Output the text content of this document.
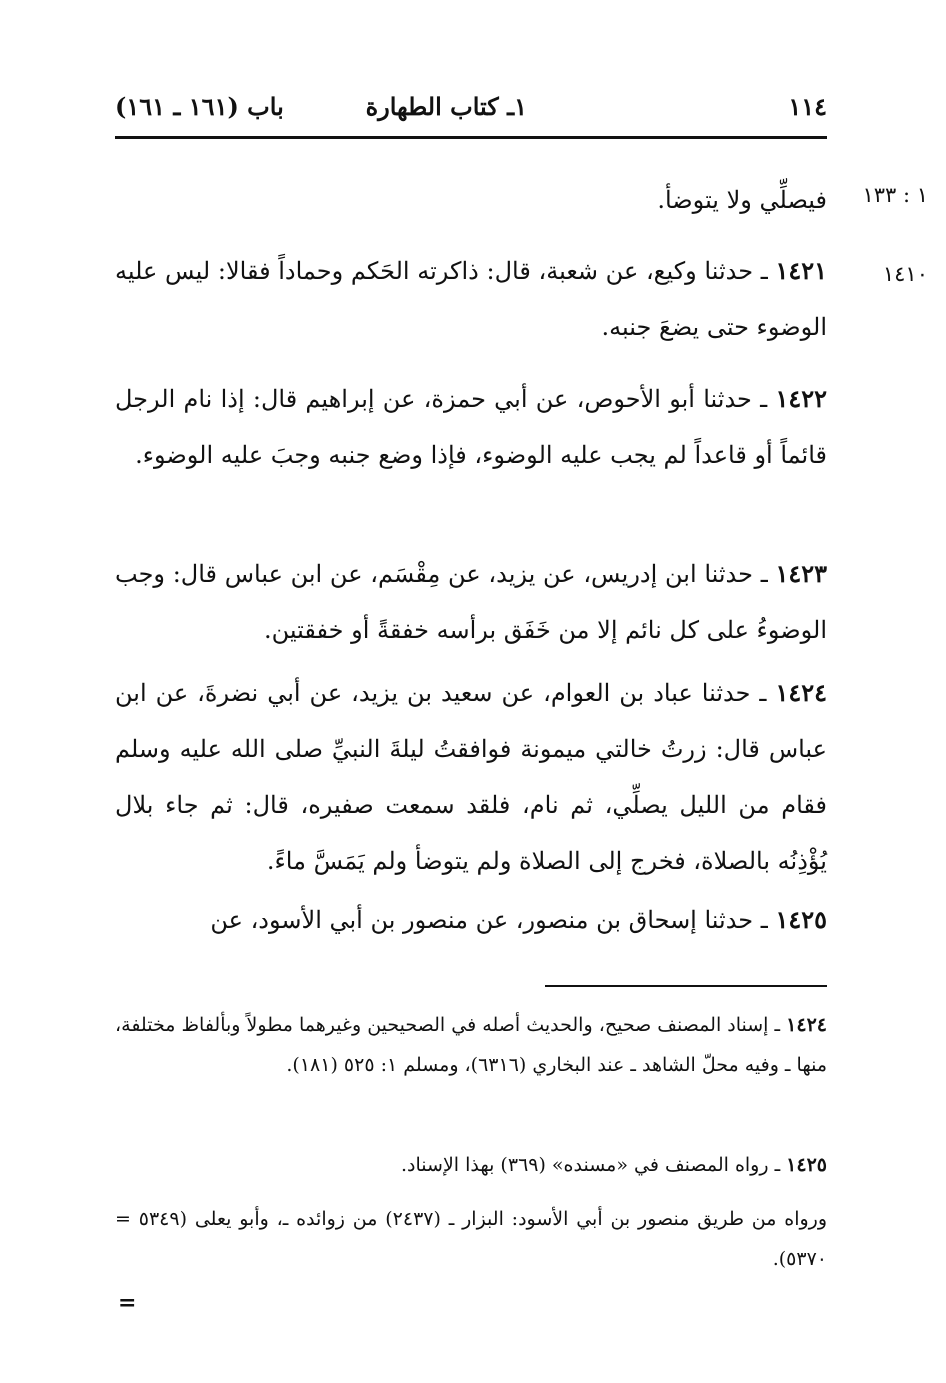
١١٤
١ـ كتاب الطهارة
باب (١٦١ ـ ١٦١)
١ : ١٣٣
١٤١٠
فيصلِّي ولا يتوضأ.
١٤٢١ ـ حدثنا وكيع، عن شعبة، قال: ذاكرته الحَكم وحماداً فقالا: ليس عليه الوضوء حتى يضعَ جنبه.
١٤٢٢ ـ حدثنا أبو الأحوص، عن أبي حمزة، عن إبراهيم قال: إذا نام الرجل قائماً أو قاعداً لم يجب عليه الوضوء، فإذا وضع جنبه وجبَ عليه الوضوء.
١٤٢٣ ـ حدثنا ابن إدريس، عن يزيد، عن مِقْسَم، عن ابن عباس قال: وجب الوضوءُ على كل نائم إلا من خَفَق برأسه خفقةً أو خفقتين.
١٤٢٤ ـ حدثنا عباد بن العوام، عن سعيد بن يزيد، عن أبي نضرةَ، عن ابن عباس قال: زرتُ خالتي ميمونة فوافقتُ ليلةَ النبيِّ صلى الله عليه وسلم فقام من الليل يصلِّي، ثم نام، فلقد سمعت صفيره، قال: ثم جاء بلال يُؤْذِنُه بالصلاة، فخرج إلى الصلاة ولم يتوضأ ولم يَمَسَّ ماءً.
١٤٢٥ ـ حدثنا إسحاق بن منصور، عن منصور بن أبي الأسود، عن
١٤٢٤ ـ إسناد المصنف صحيح، والحديث أصله في الصحيحين وغيرهما مطولاً وبألفاظ مختلفة، منها ـ وفيه محلّ الشاهد ـ عند البخاري (٦٣١٦)، ومسلم ١: ٥٢٥ (١٨١).
١٤٢٥ ـ رواه المصنف في «مسنده» (٣٦٩) بهذا الإسناد.
ورواه من طريق منصور بن أبي الأسود: البزار ـ (٢٤٣٧) من زوائده ـ، وأبو يعلى (٥٣٤٩ = ٥٣٧٠).
=
